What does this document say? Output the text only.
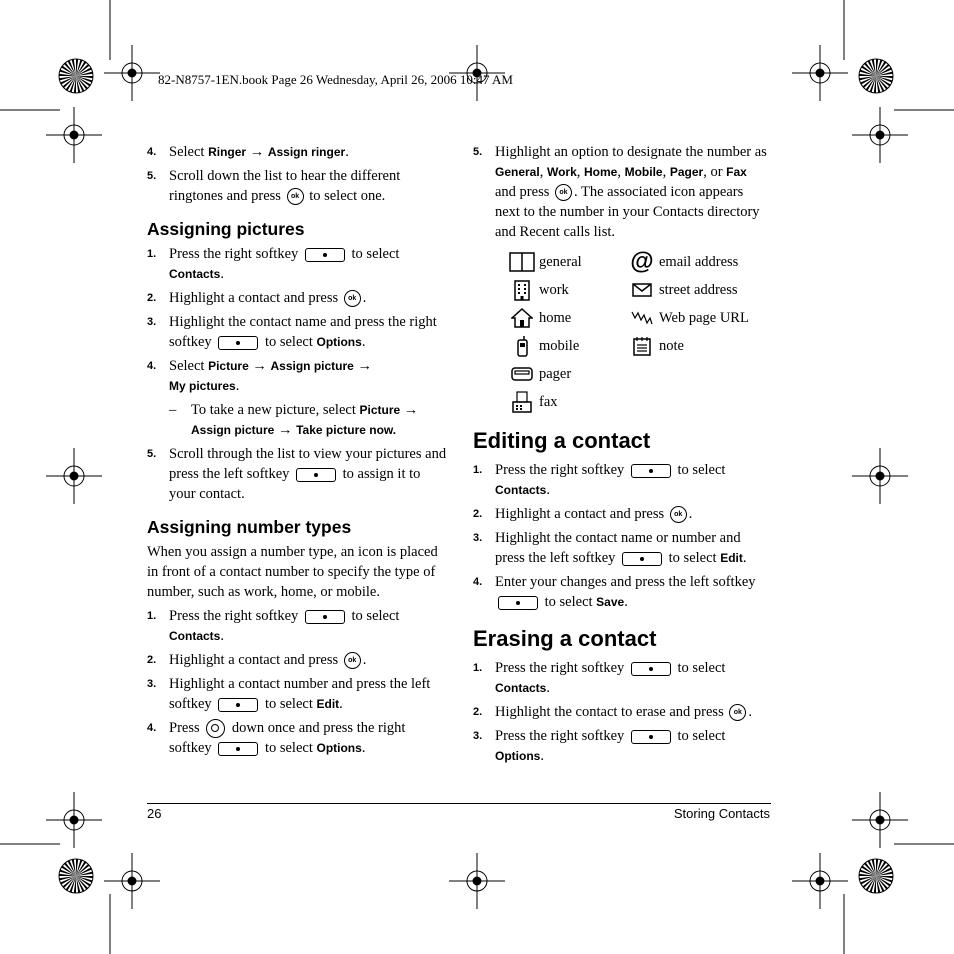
82-N8757-1EN.book Page 26 Wednesday, April 26, 2006 10:47 AM
4. Select Ringer → Assign ringer.
5. Scroll down the list to hear the different ringtones and press ok to select one.
Assigning pictures
1. Press the right softkey	to select Contacts.
2. Highlight a contact and press ok .
3. Highlight the contact name and press the right softkey	to select Options.
4. Select Picture → Assign picture →
My pictures.
– To take a new picture, select Picture →
Assign picture → Take picture now.
5. Scroll through the list to view your pictures and press the left softkey	to assign it to your contact.
Assigning number types

When you assign a number type, an icon is placed in front of a contact number to specify the type of number, such as work, home, or mobile.

1. Press the right softkey	to select Contacts.
2. Highlight a contact and press ok .
3. Highlight a contact number and press the left softkey	to select Edit.
4. Press  down once and press the right softkey	to select Options.
5. Highlight an option to designate the number as General, Work, Home, Mobile, Pager, or Fax and press ok . The associated icon appears next to the number in your Contacts directory and Recent calls list.
general	@ email address
work	street address
home	Web page URL
mobile	note
pager
fax
Editing a contact
1. Press the right softkey	to select Contacts.
2. Highlight a contact and press ok .
3. Highlight the contact name or number and press the left softkey	to select Edit.
4. Enter your changes and press the left softkey  to select Save.
Erasing a contact
1. Press the right softkey	to select Contacts.
2. Highlight the contact to erase and press ok .
3. Press the right softkey	to select Options.
26	Storing Contacts
